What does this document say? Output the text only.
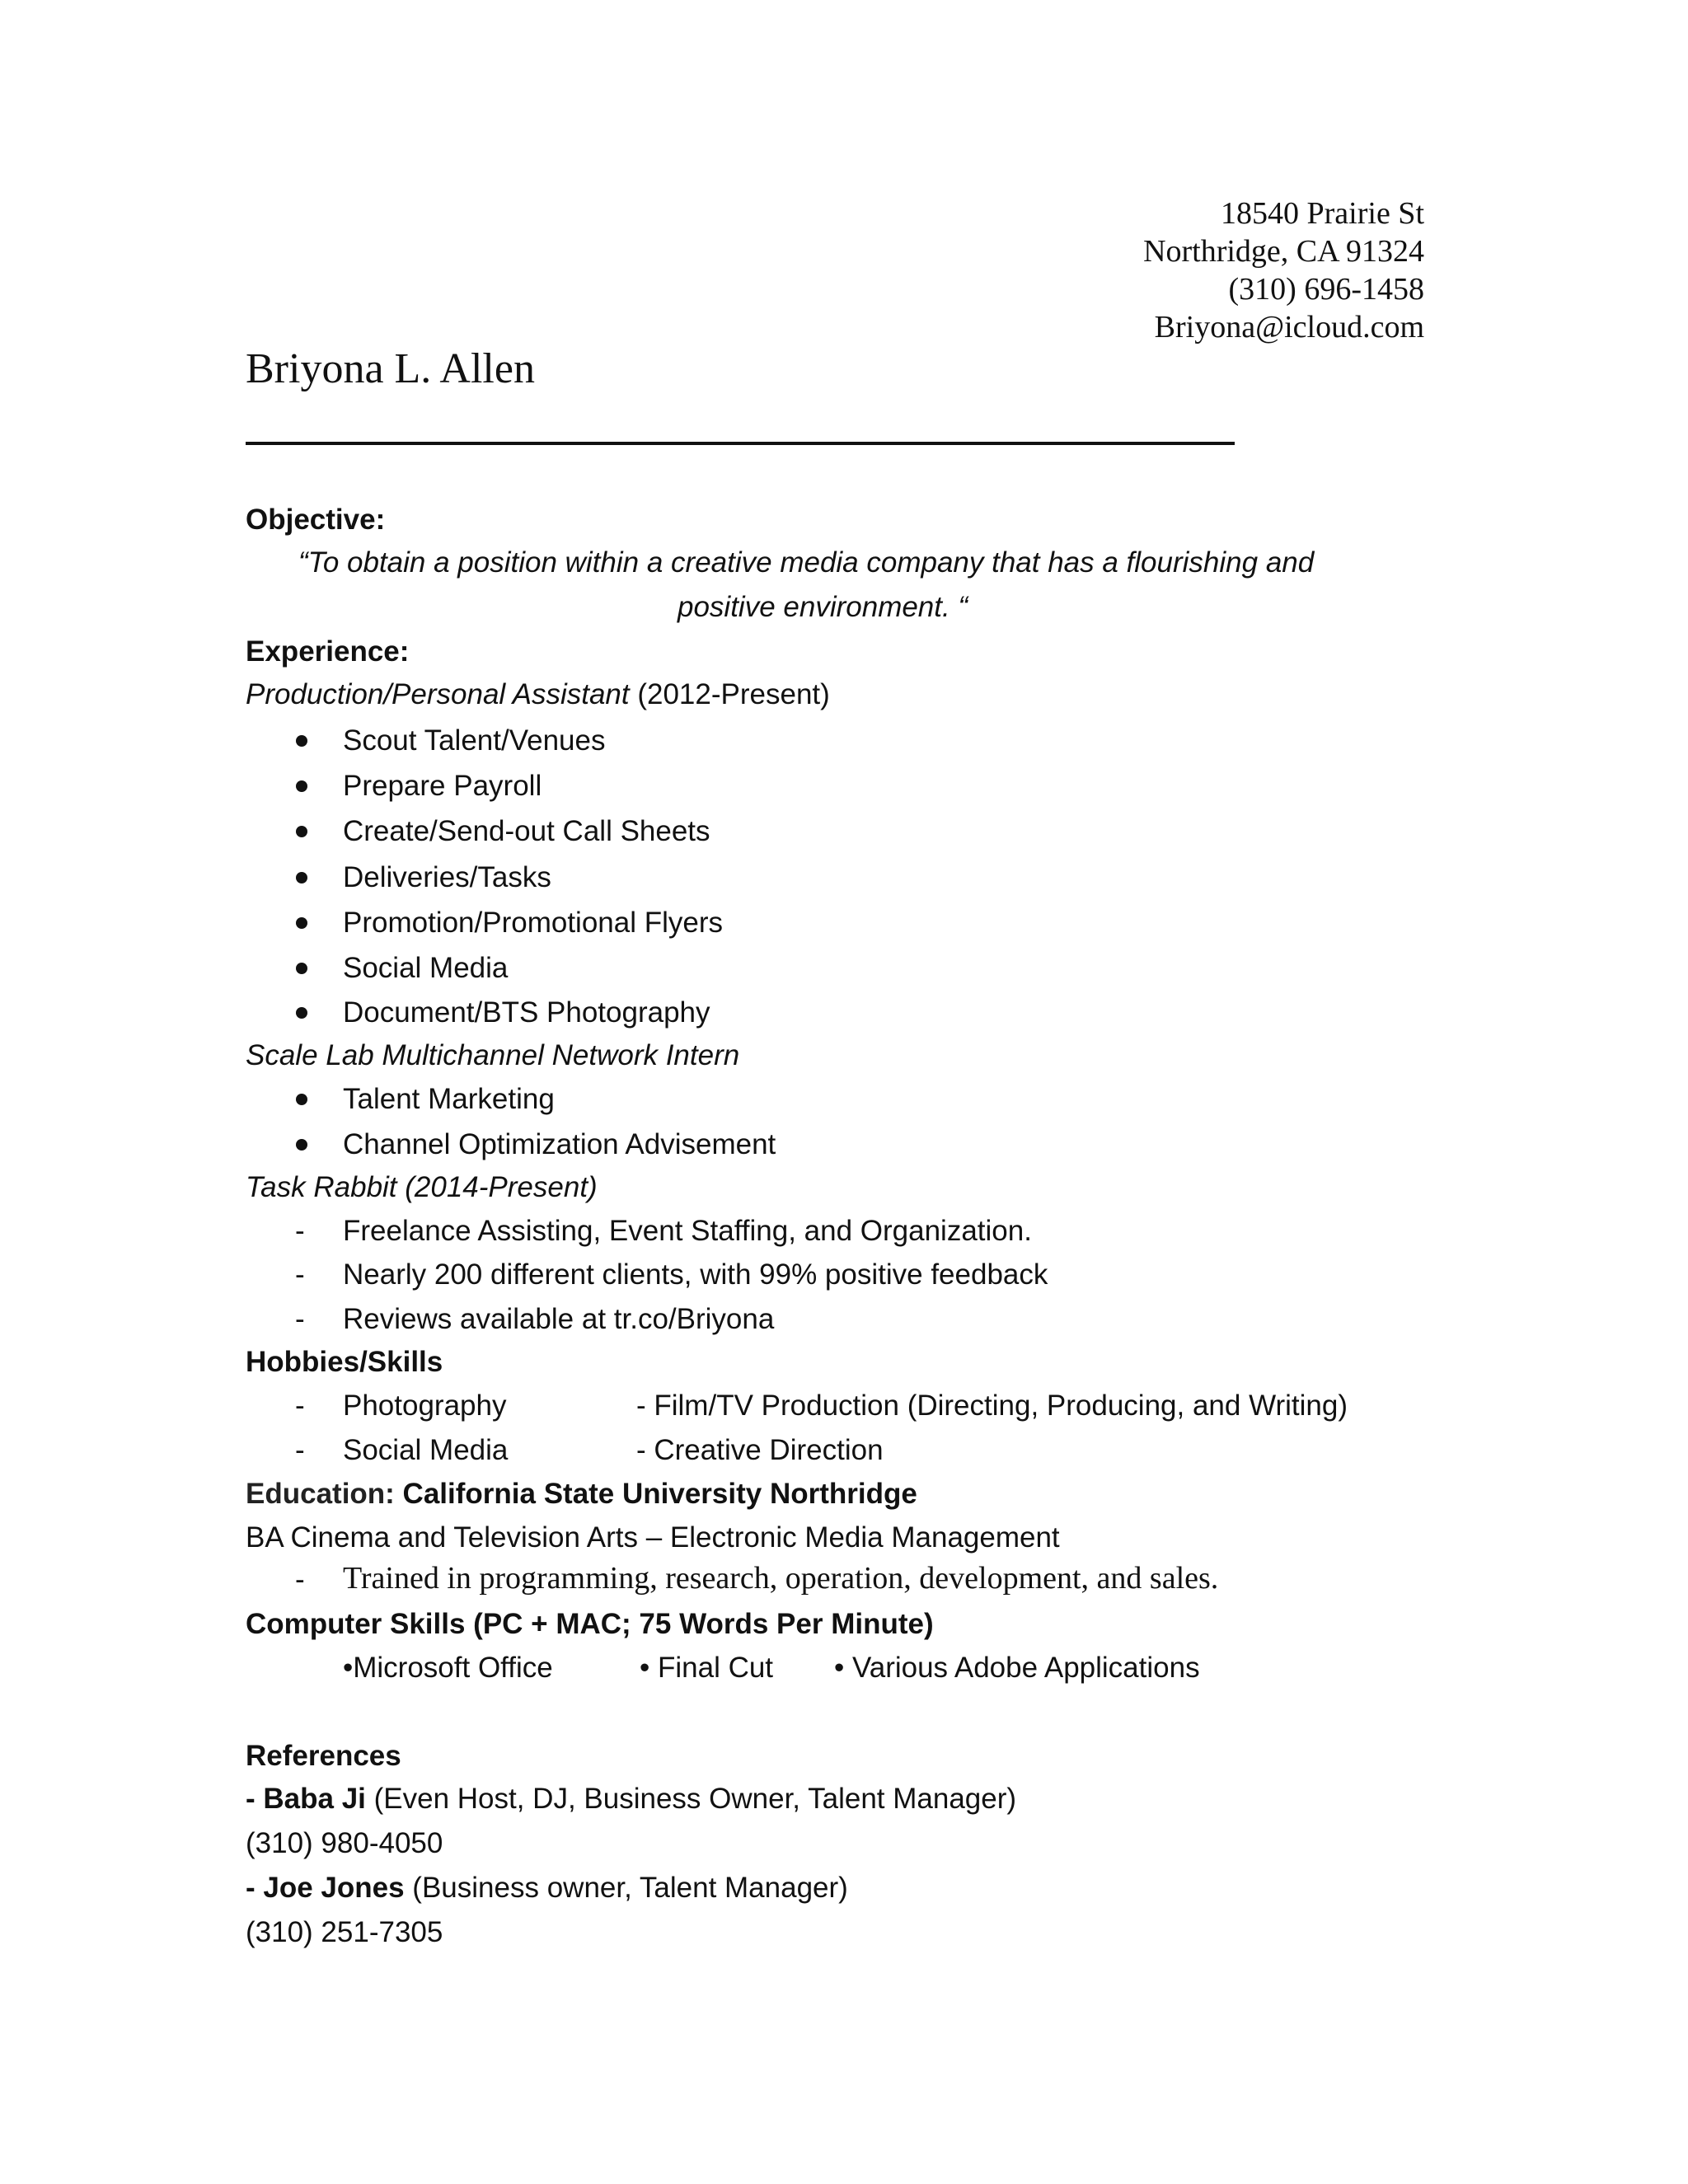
18540 Prairie St
Northridge, CA 91324
(310) 696-1458
Briyona@icloud.com
Briyona L. Allen
Objective:
“To obtain a position within a creative media company that has a flourishing and
positive environment. “
Experience:
Production/Personal Assistant (2012-Present)
Scout Talent/Venues
Prepare Payroll
Create/Send-out Call Sheets
Deliveries/Tasks
Promotion/Promotional Flyers
Social Media
Document/BTS Photography
Scale Lab Multichannel Network Intern
Talent Marketing
Channel Optimization Advisement
Task Rabbit (2014-Present)
- Freelance Assisting, Event Staffing, and Organization.
- Nearly 200 different clients, with 99% positive feedback
- Reviews available at tr.co/Briyona
Hobbies/Skills
- Photography	- Film/TV Production (Directing, Producing, and Writing)
- Social Media	- Creative Direction
Education: California State University Northridge
BA Cinema and Television Arts – Electronic Media Management
- Trained in programming, research, operation, development, and sales.
Computer Skills (PC + MAC; 75 Words Per Minute)
•Microsoft Office	• Final Cut • Various Adobe Applications
References
- Baba Ji (Even Host, DJ, Business Owner, Talent Manager)
(310) 980-4050
- Joe Jones (Business owner, Talent Manager)
(310) 251-7305
